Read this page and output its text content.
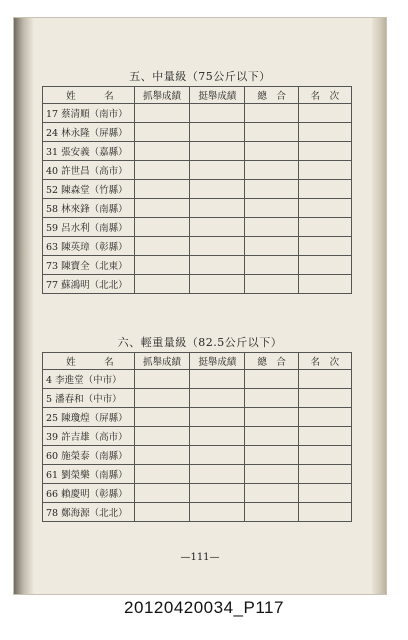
五、中量級（75公斤以下）
姓　　　名	抓舉成績	挺舉成績	總　合	名　次
17 蔡清順（南市）				
24 林永隆（屏縣）				
31 張安義（嘉縣）				
40 許世昌（高市）				
52 陳森堂（竹縣）				
58 林來鋒（南縣）				
59 呂水利（南縣）				
63 陳英璋（彰縣）				
73 陳寶全（北東）				
77 蘇鴻明（北北）				
六、輕重量級（82.5公斤以下）
姓　　　名	抓舉成績	挺舉成績	總　合	名　次
4 李進堂（中市）				
5 潘春和（中市）				
25 陳瓊煌（屏縣）				
39 許吉雄（高市）				
60 施榮泰（南縣）				
61 劉榮樂（南縣）				
66 賴慶明（彰縣）				
78 鄭海源（北北）				
—111—
20120420034_P117
